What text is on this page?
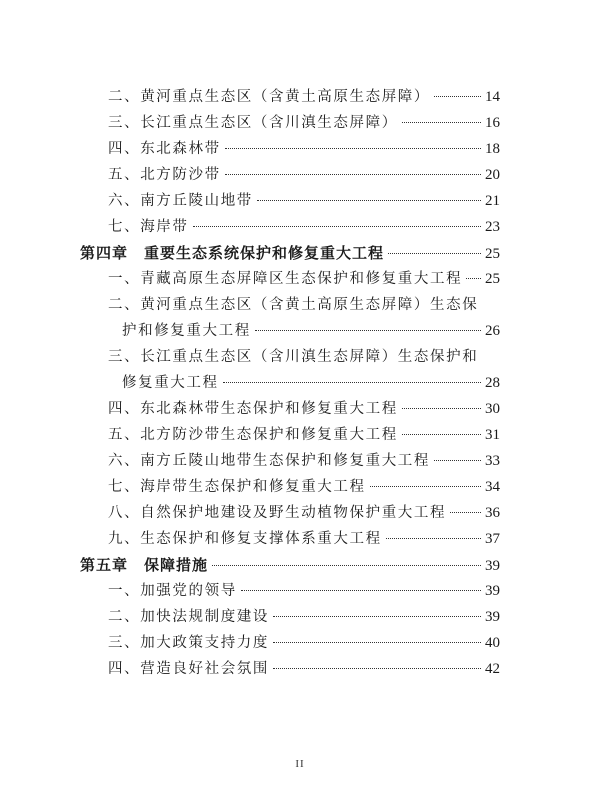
二、黄河重点生态区（含黄土高原生态屏障）	14
三、长江重点生态区（含川滇生态屏障）	16
四、东北森林带	18
五、北方防沙带	20
六、南方丘陵山地带	21
七、海岸带	23
第四章 重要生态系统保护和修复重大工程	25
一、青藏高原生态屏障区生态保护和修复重大工程 25
二、黄河重点生态区（含黄土高原生态屏障）生态保
护和修复重大工程	26
三、长江重点生态区（含川滇生态屏障）生态保护和
修复重大工程	28
四、东北森林带生态保护和修复重大工程	30
五、北方防沙带生态保护和修复重大工程	31
六、南方丘陵山地带生态保护和修复重大工程	33
七、海岸带生态保护和修复重大工程	34
八、自然保护地建设及野生动植物保护重大工程	36
九、生态保护和修复支撑体系重大工程	37
第五章 保障措施	39
一、加强党的领导	39
二、加快法规制度建设	39
三、加大政策支持力度	40
四、营造良好社会氛围	42
II
